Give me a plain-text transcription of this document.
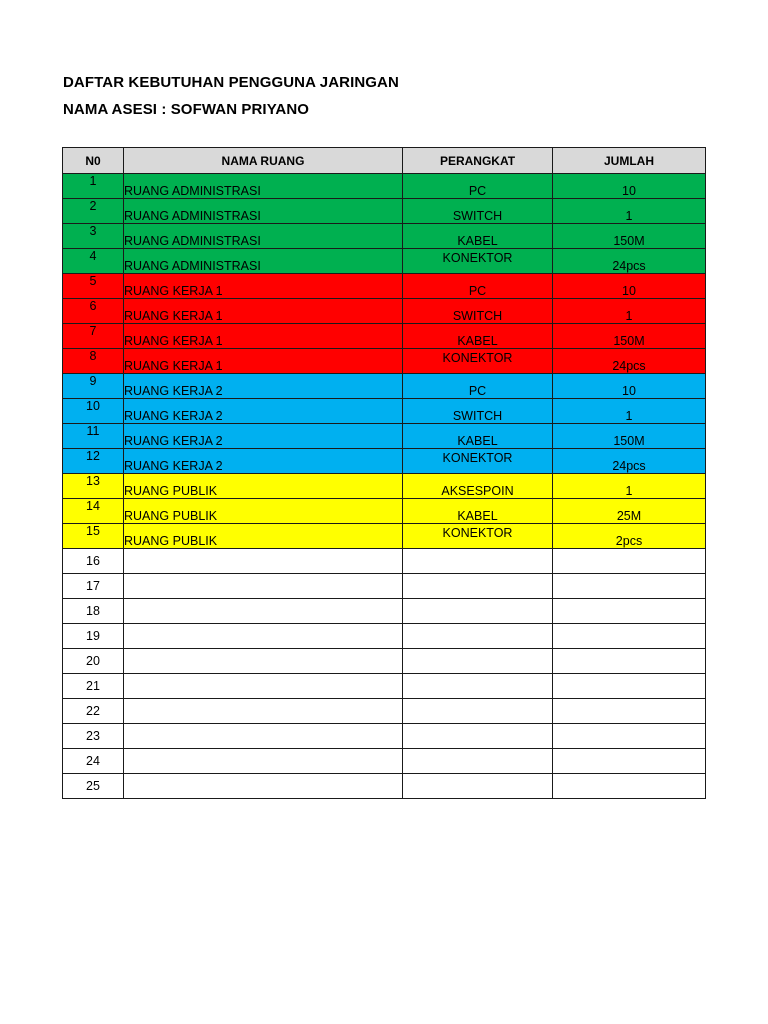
DAFTAR KEBUTUHAN PENGGUNA JARINGAN
NAMA ASESI : SOFWAN PRIYANO
N0	NAMA RUANG	PERANGKAT	JUMLAH
1	RUANG ADMINISTRASI	PC	10
2	RUANG ADMINISTRASI	SWITCH	1
3	RUANG ADMINISTRASI	KABEL	150M
4	RUANG ADMINISTRASI	KONEKTOR	24pcs
5	RUANG KERJA 1	PC	10
6	RUANG KERJA 1	SWITCH	1
7	RUANG KERJA 1	KABEL	150M
8	RUANG KERJA 1	KONEKTOR	24pcs
9	RUANG KERJA 2	PC	10
10	RUANG KERJA 2	SWITCH	1
11	RUANG KERJA 2	KABEL	150M
12	RUANG KERJA 2	KONEKTOR	24pcs
13	RUANG PUBLIK	AKSESPOIN	1
14	RUANG PUBLIK	KABEL	25M
15	RUANG PUBLIK	KONEKTOR	2pcs
16			
17			
18			
19			
20			
21			
22			
23			
24			
25			
